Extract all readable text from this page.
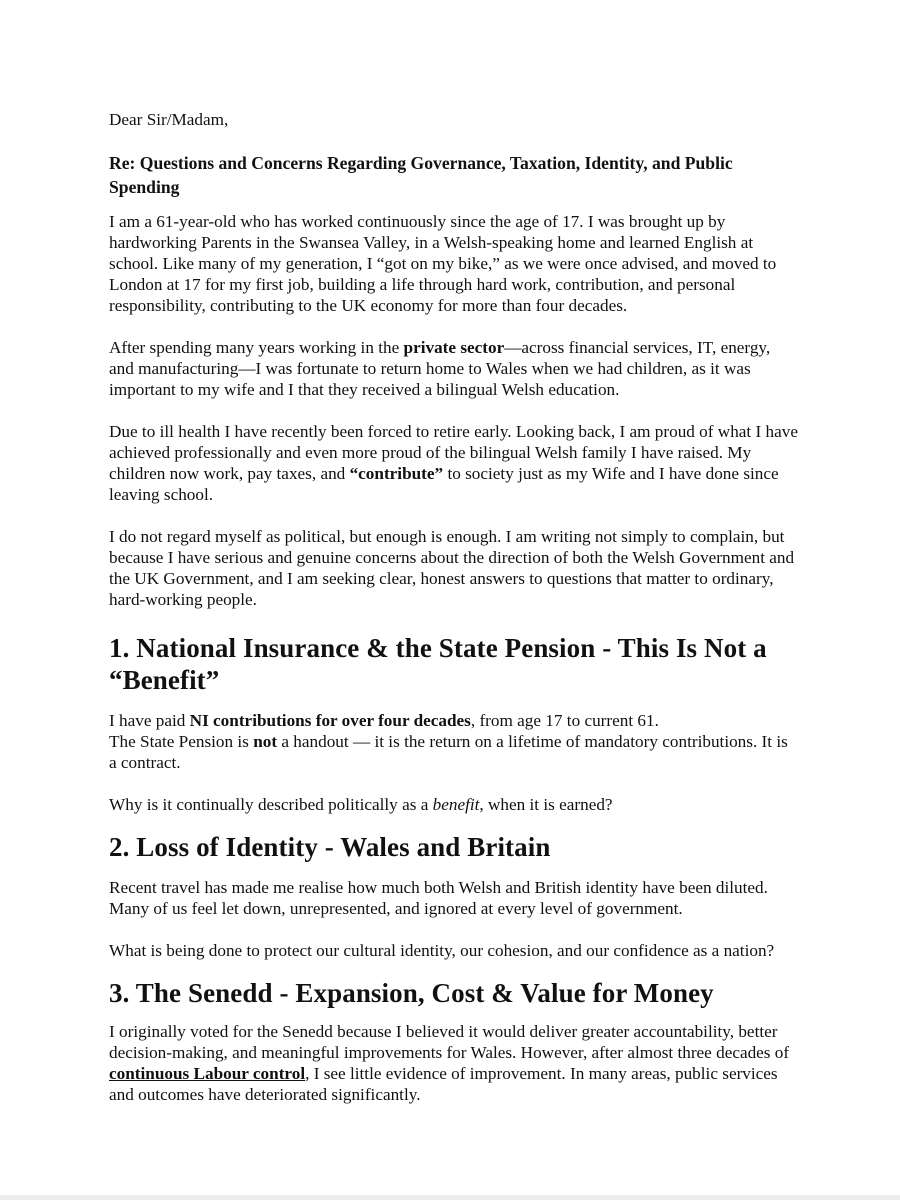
Dear Sir/Madam,

Re: Questions and Concerns Regarding Governance, Taxation, Identity, and Public Spending

I am a 61-year-old who has worked continuously since the age of 17. I was brought up by hardworking Parents in the Swansea Valley, in a Welsh-speaking home and learned English at school. Like many of my generation, I “got on my bike,” as we were once advised, and moved to London at 17 for my first job, building a life through hard work, contribution, and personal responsibility, contributing to the UK economy for more than four decades.

After spending many years working in the private sector—across financial services, IT, energy, and manufacturing—I was fortunate to return home to Wales when we had children, as it was important to my wife and I that they received a bilingual Welsh education.

Due to ill health I have recently been forced to retire early. Looking back, I am proud of what I have achieved professionally and even more proud of the bilingual Welsh family I have raised. My children now work, pay taxes, and “contribute” to society just as my Wife and I have done since leaving school.

I do not regard myself as political, but enough is enough. I am writing not simply to complain, but because I have serious and genuine concerns about the direction of both the Welsh Government and the UK Government, and I am seeking clear, honest answers to questions that matter to ordinary, hard-working people.

1. National Insurance & the State Pension - This Is Not a “Benefit”

I have paid NI contributions for over four decades, from age 17 to current 61.

The State Pension is not a handout — it is the return on a lifetime of mandatory contributions. It is a contract.

Why is it continually described politically as a benefit, when it is earned?

2. Loss of Identity - Wales and Britain

Recent travel has made me realise how much both Welsh and British identity have been diluted. Many of us feel let down, unrepresented, and ignored at every level of government.

What is being done to protect our cultural identity, our cohesion, and our confidence as a nation?

3. The Senedd - Expansion, Cost & Value for Money

I originally voted for the Senedd because I believed it would deliver greater accountability, better decision-making, and meaningful improvements for Wales. However, after almost three decades of continuous Labour control, I see little evidence of improvement. In many areas, public services and outcomes have deteriorated significantly.
